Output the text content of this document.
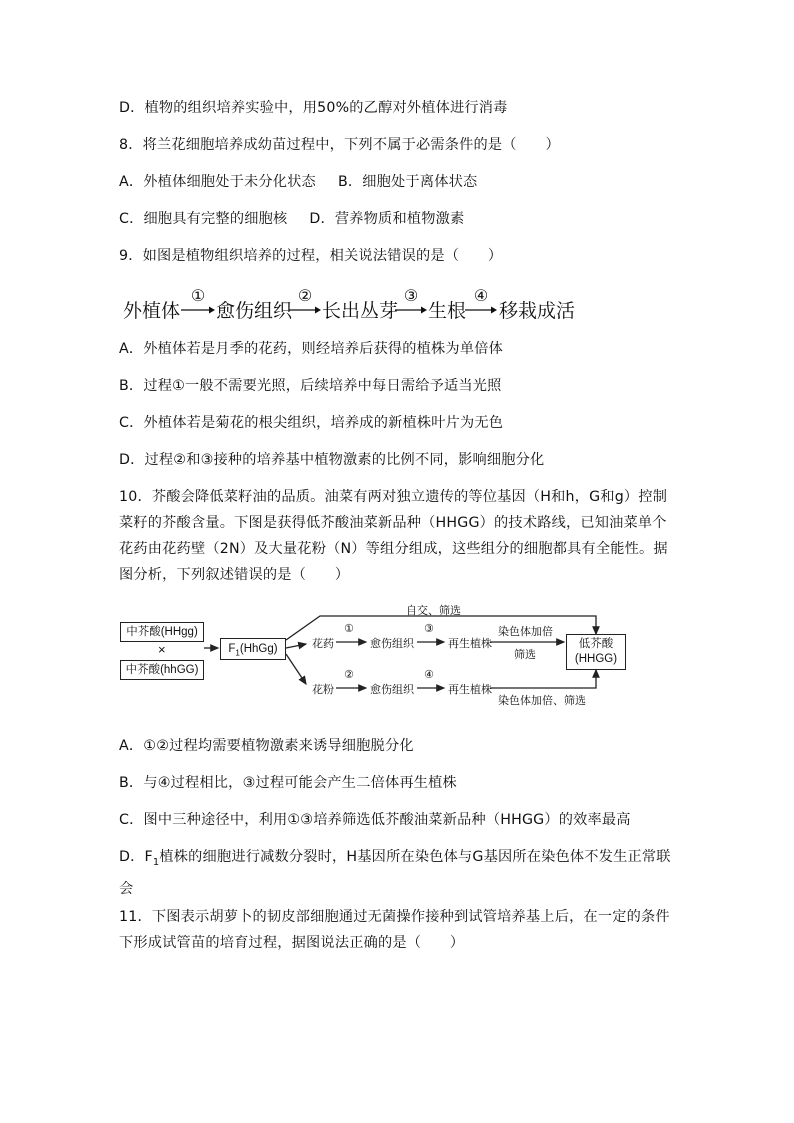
D．植物的组织培养实验中，用50%的乙醇对外植体进行消毒
8．将兰花细胞培养成幼苗过程中，下列不属于必需条件的是（　　）
A．外植体细胞处于未分化状态 B．细胞处于离体状态
C．细胞具有完整的细胞核 D．营养物质和植物激素
9．如图是植物组织培养的过程，相关说法错误的是（　　）
外植体
①
愈伤组织
②
长出丛芽
③
生根
④
移栽成活
A．外植体若是月季的花药，则经培养后获得的植株为单倍体
B．过程①一般不需要光照，后续培养中每日需给予适当光照
C．外植体若是菊花的根尖组织，培养成的新植株叶片为无色
D．过程②和③接种的培养基中植物激素的比例不同，影响细胞分化
10．芥酸会降低菜籽油的品质。油菜有两对独立遗传的等位基因（H和h，G和g）控制菜籽的芥酸含量。下图是获得低芥酸油菜新品种（HHGG）的技术路线，已知油菜单个花药由花药壁（2N）及大量花粉（N）等组分组成，这些组分的细胞都具有全能性。据图分析，下列叙述错误的是（　　）
中芥酸(HHgg)
×
中芥酸(hhGG)
$F_1(HhGg)$
自交、筛选
花药
①
愈伤组织
③
再生植株
染色体加倍
筛选
花粉
②
愈伤组织
④
再生植株
染色体加倍、筛选
低芥酸
(HHGG)
A．①②过程均需要植物激素来诱导细胞脱分化
B．与④过程相比，③过程可能会产生二倍体再生植株
C．图中三种途径中，利用①③培养筛选低芥酸油菜新品种（HHGG）的效率最高
D．$F_1$植株的细胞进行减数分裂时，H基因所在染色体与G基因所在染色体不发生正常联会
11．下图表示胡萝卜的韧皮部细胞通过无菌操作接种到试管培养基上后，在一定的条件下形成试管苗的培育过程，据图说法正确的是（　　）
